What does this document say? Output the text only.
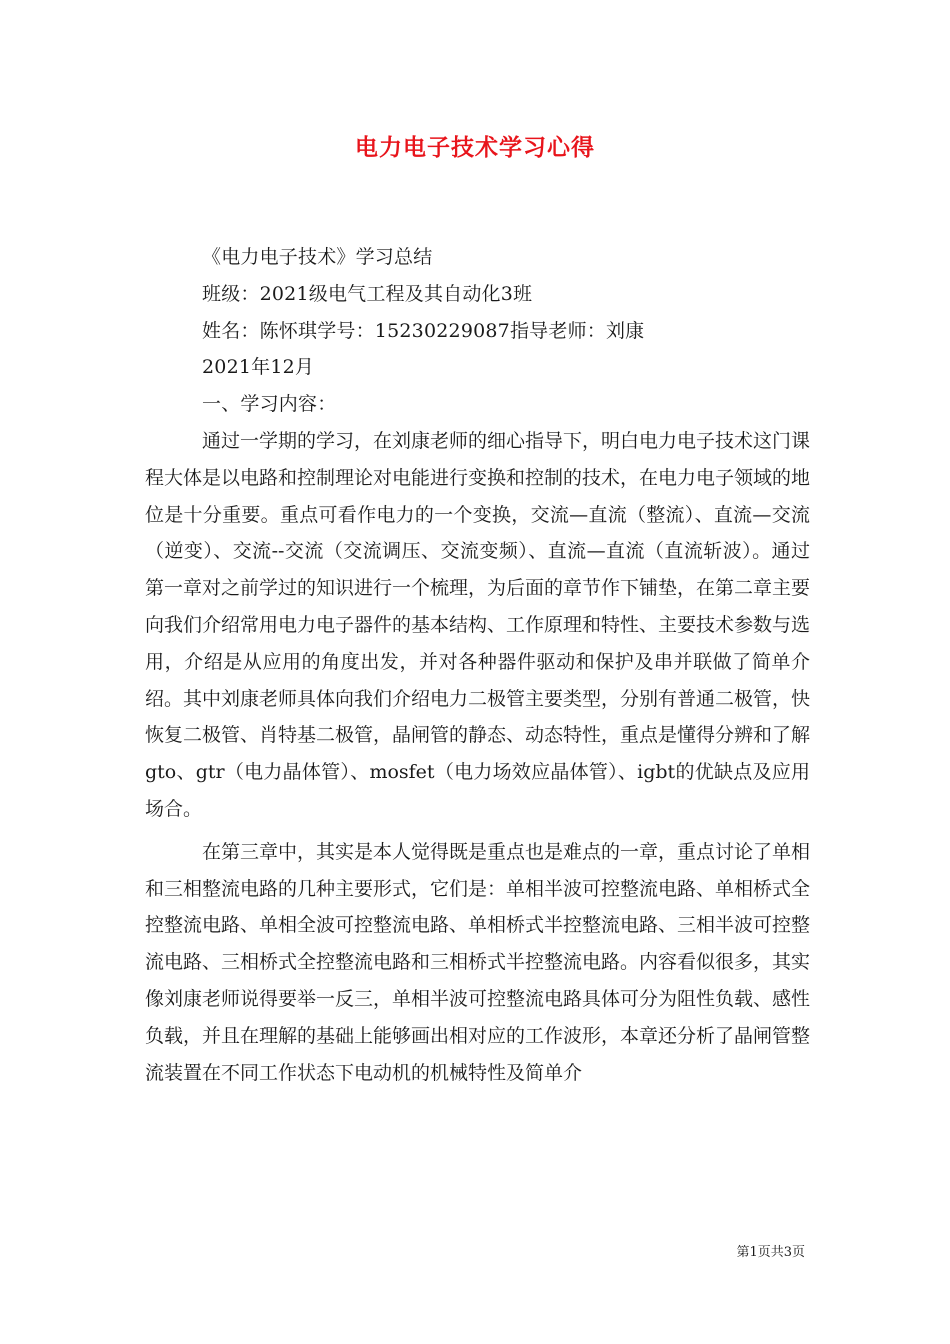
电力电子技术学习心得
《电力电子技术》学习总结
班级：2021级电气工程及其自动化3班
姓名：陈怀琪学号：15230229087指导老师：刘康
2021年12月
一、学习内容：

通过一学期的学习，在刘康老师的细心指导下，明白电力电子技术这门课程大体是以电路和控制理论对电能进行变换和控制的技术，在电力电子领域的地位是十分重要。重点可看作电力的一个变换，交流—直流（整流）、直流—交流（逆变）、交流--交流（交流调压、交流变频）、直流—直流（直流斩波）。通过第一章对之前学过的知识进行一个梳理，为后面的章节作下铺垫，在第二章主要向我们介绍常用电力电子器件的基本结构、工作原理和特性、主要技术参数与选用，介绍是从应用的角度出发，并对各种器件驱动和保护及串并联做了简单介绍。其中刘康老师具体向我们介绍电力二极管主要类型，分别有普通二极管，快恢复二极管、肖特基二极管，晶闸管的静态、动态特性，重点是懂得分辨和了解gto、gtr（电力晶体管）、mosfet（电力场效应晶体管）、igbt的优缺点及应用场合。

在第三章中，其实是本人觉得既是重点也是难点的一章，重点讨论了单相和三相整流电路的几种主要形式，它们是：单相半波可控整流电路、单相桥式全控整流电路、单相全波可控整流电路、单相桥式半控整流电路、三相半波可控整流电路、三相桥式全控整流电路和三相桥式半控整流电路。内容看似很多，其实像刘康老师说得要举一反三，单相半波可控整流电路具体可分为阻性负载、感性负载，并且在理解的基础上能够画出相对应的工作波形，本章还分析了晶闸管整流装置在不同工作状态下电动机的机械特性及简单介

第1页共3页
